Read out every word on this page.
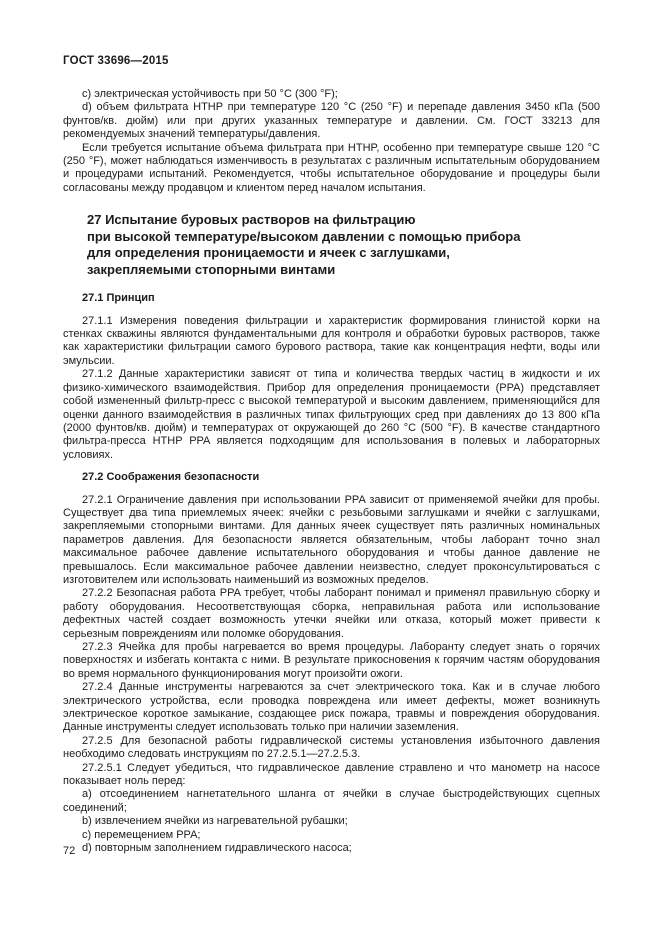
ГОСТ 33696—2015

c) электрическая устойчивость при 50 °C (300 °F);

d) объем фильтрата HTHP при температуре 120 °C (250 °F) и перепаде давления 3450 кПа (500 фунтов/кв. дюйм) или при других указанных температуре и давлении. См. ГОСТ 33213 для рекомендуемых значений температуры/давления.

Если требуется испытание объема фильтрата при HTHP, особенно при температуре свыше 120 °C (250 °F), может наблюдаться изменчивость в результатах с различным испытательным оборудованием и процедурами испытаний. Рекомендуется, чтобы испытательное оборудование и процедуры были согласованы между продавцом и клиентом перед началом испытания.

27 Испытание буровых растворов на фильтрацию
при высокой температуре/высоком давлении с помощью прибора
для определения проницаемости и ячеек с заглушками,
закрепляемыми стопорными винтами
27.1 Принцип

27.1.1 Измерения поведения фильтрации и характеристик формирования глинистой корки на стенках скважины являются фундаментальными для контроля и обработки буровых растворов, также как характеристики фильтрации самого бурового раствора, такие как концентрация нефти, воды или эмульсии.

27.1.2 Данные характеристики зависят от типа и количества твердых частиц в жидкости и их физико-химического взаимодействия. Прибор для определения проницаемости (PPA) представляет собой измененный фильтр-пресс с высокой температурой и высоким давлением, применяющийся для оценки данного взаимодействия в различных типах фильтрующих сред при давлениях до 13 800 кПа (2000 фунтов/кв. дюйм) и температурах от окружающей до 260 °C (500 °F). В качестве стандартного фильтра-пресса HTHP PPA является подходящим для использования в полевых и лабораторных условиях.

27.2 Соображения безопасности

27.2.1 Ограничение давления при использовании PPA зависит от применяемой ячейки для пробы. Существует два типа приемлемых ячеек: ячейки с резьбовыми заглушками и ячейки с заглушками, закрепляемыми стопорными винтами. Для данных ячеек существует пять различных номинальных параметров давления. Для безопасности является обязательным, чтобы лаборант точно знал максимальное рабочее давление испытательного оборудования и чтобы данное давление не превышалось. Если максимальное рабочее давлении неизвестно, следует проконсультироваться с изготовителем или использовать наименьший из возможных пределов.

27.2.2 Безопасная работа PPA требует, чтобы лаборант понимал и применял правильную сборку и работу оборудования. Несоответствующая сборка, неправильная работа или использование дефектных частей создает возможность утечки ячейки или отказа, который может привести к серьезным повреждениям или поломке оборудования.

27.2.3 Ячейка для пробы нагревается во время процедуры. Лаборанту следует знать о горячих поверхностях и избегать контакта с ними. В результате прикосновения к горячим частям оборудования во время нормального функционирования могут произойти ожоги.

27.2.4 Данные инструменты нагреваются за счет электрического тока. Как и в случае любого электрического устройства, если проводка повреждена или имеет дефекты, может возникнуть электрическое короткое замыкание, создающее риск пожара, травмы и повреждения оборудования. Данные инструменты следует использовать только при наличии заземления.

27.2.5 Для безопасной работы гидравлической системы установления избыточного давления необходимо следовать инструкциям по 27.2.5.1—27.2.5.3.

27.2.5.1 Следует убедиться, что гидравлическое давление стравлено и что манометр на насосе показывает ноль перед:

a) отсоединением нагнетательного шланга от ячейки в случае быстродействующих сцепных соединений;

b) извлечением ячейки из нагревательной рубашки;

c) перемещением PPA;

d) повторным заполнением гидравлического насоса;

72
